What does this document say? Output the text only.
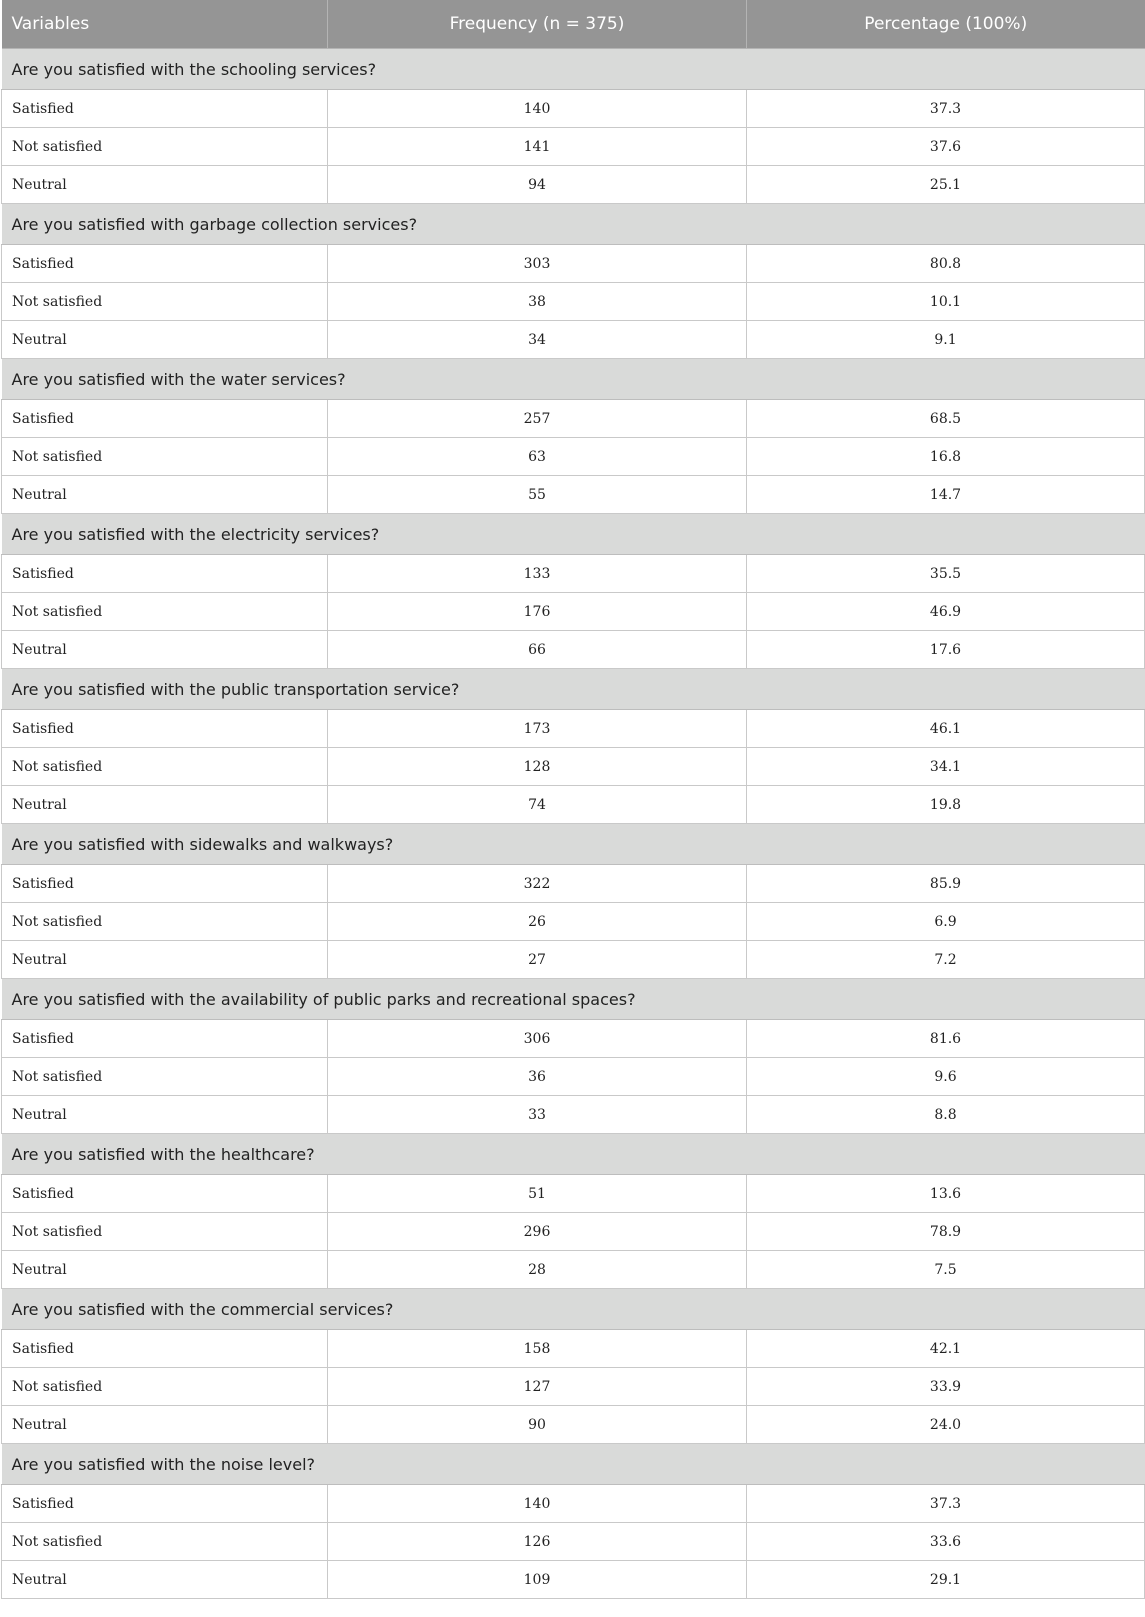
Variables	Frequency (n = 375)	Percentage (100%)
Are you satisfied with the schooling services?		
Satisfied	140	37.3
Not satisfied	141	37.6
Neutral	94	25.1
Are you satisfied with garbage collection services?		
Satisfied	303	80.8
Not satisfied	38	10.1
Neutral	34	9.1
Are you satisfied with the water services?		
Satisfied	257	68.5
Not satisfied	63	16.8
Neutral	55	14.7
Are you satisfied with the electricity services?		
Satisfied	133	35.5
Not satisfied	176	46.9
Neutral	66	17.6
Are you satisfied with the public transportation service?		
Satisfied	173	46.1
Not satisfied	128	34.1
Neutral	74	19.8
Are you satisfied with sidewalks and walkways?		
Satisfied	322	85.9
Not satisfied	26	6.9
Neutral	27	7.2
Are you satisfied with the availability of public parks and recreational spaces?		
Satisfied	306	81.6
Not satisfied	36	9.6
Neutral	33	8.8
Are you satisfied with the healthcare?		
Satisfied	51	13.6
Not satisfied	296	78.9
Neutral	28	7.5
Are you satisfied with the commercial services?		
Satisfied	158	42.1
Not satisfied	127	33.9
Neutral	90	24.0
Are you satisfied with the noise level?		
Satisfied	140	37.3
Not satisfied	126	33.6
Neutral	109	29.1
